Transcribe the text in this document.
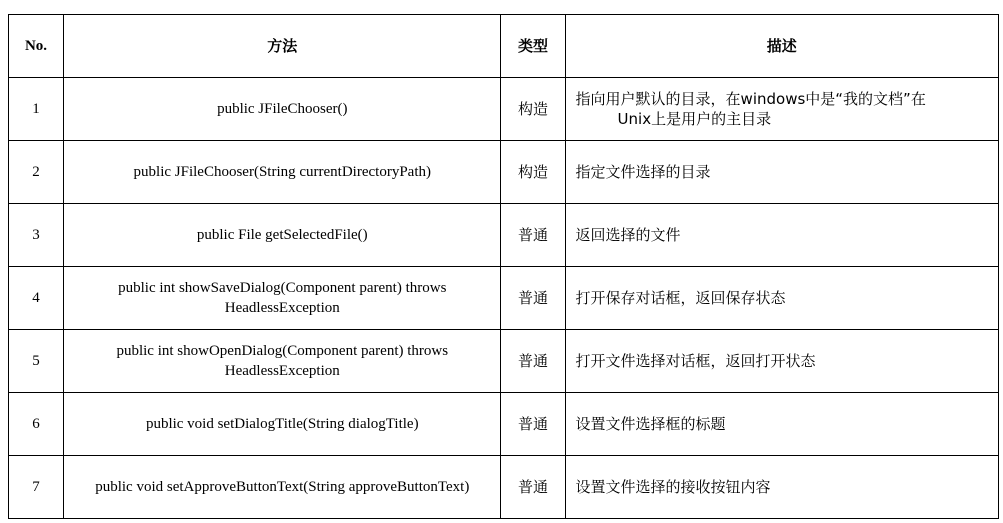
No.	方法	类型	描述
1	public JFileChooser()	构造	指向用户默认的目录，在windows中是“我的文档”在
Unix上是用户的主目录

2	public JFileChooser(String currentDirectoryPath)	构造	指定文件选择的目录
3	public File getSelectedFile()	普通	返回选择的文件
4	public int showSaveDialog(Component parent) throws HeadlessException	普通	打开保存对话框，返回保存状态
5	public int showOpenDialog(Component parent) throws HeadlessException	普通	打开文件选择对话框，返回打开状态
6	public void setDialogTitle(String dialogTitle)	普通	设置文件选择框的标题
7	public void setApproveButtonText(String approveButtonText)	普通	设置文件选择的接收按钮内容
